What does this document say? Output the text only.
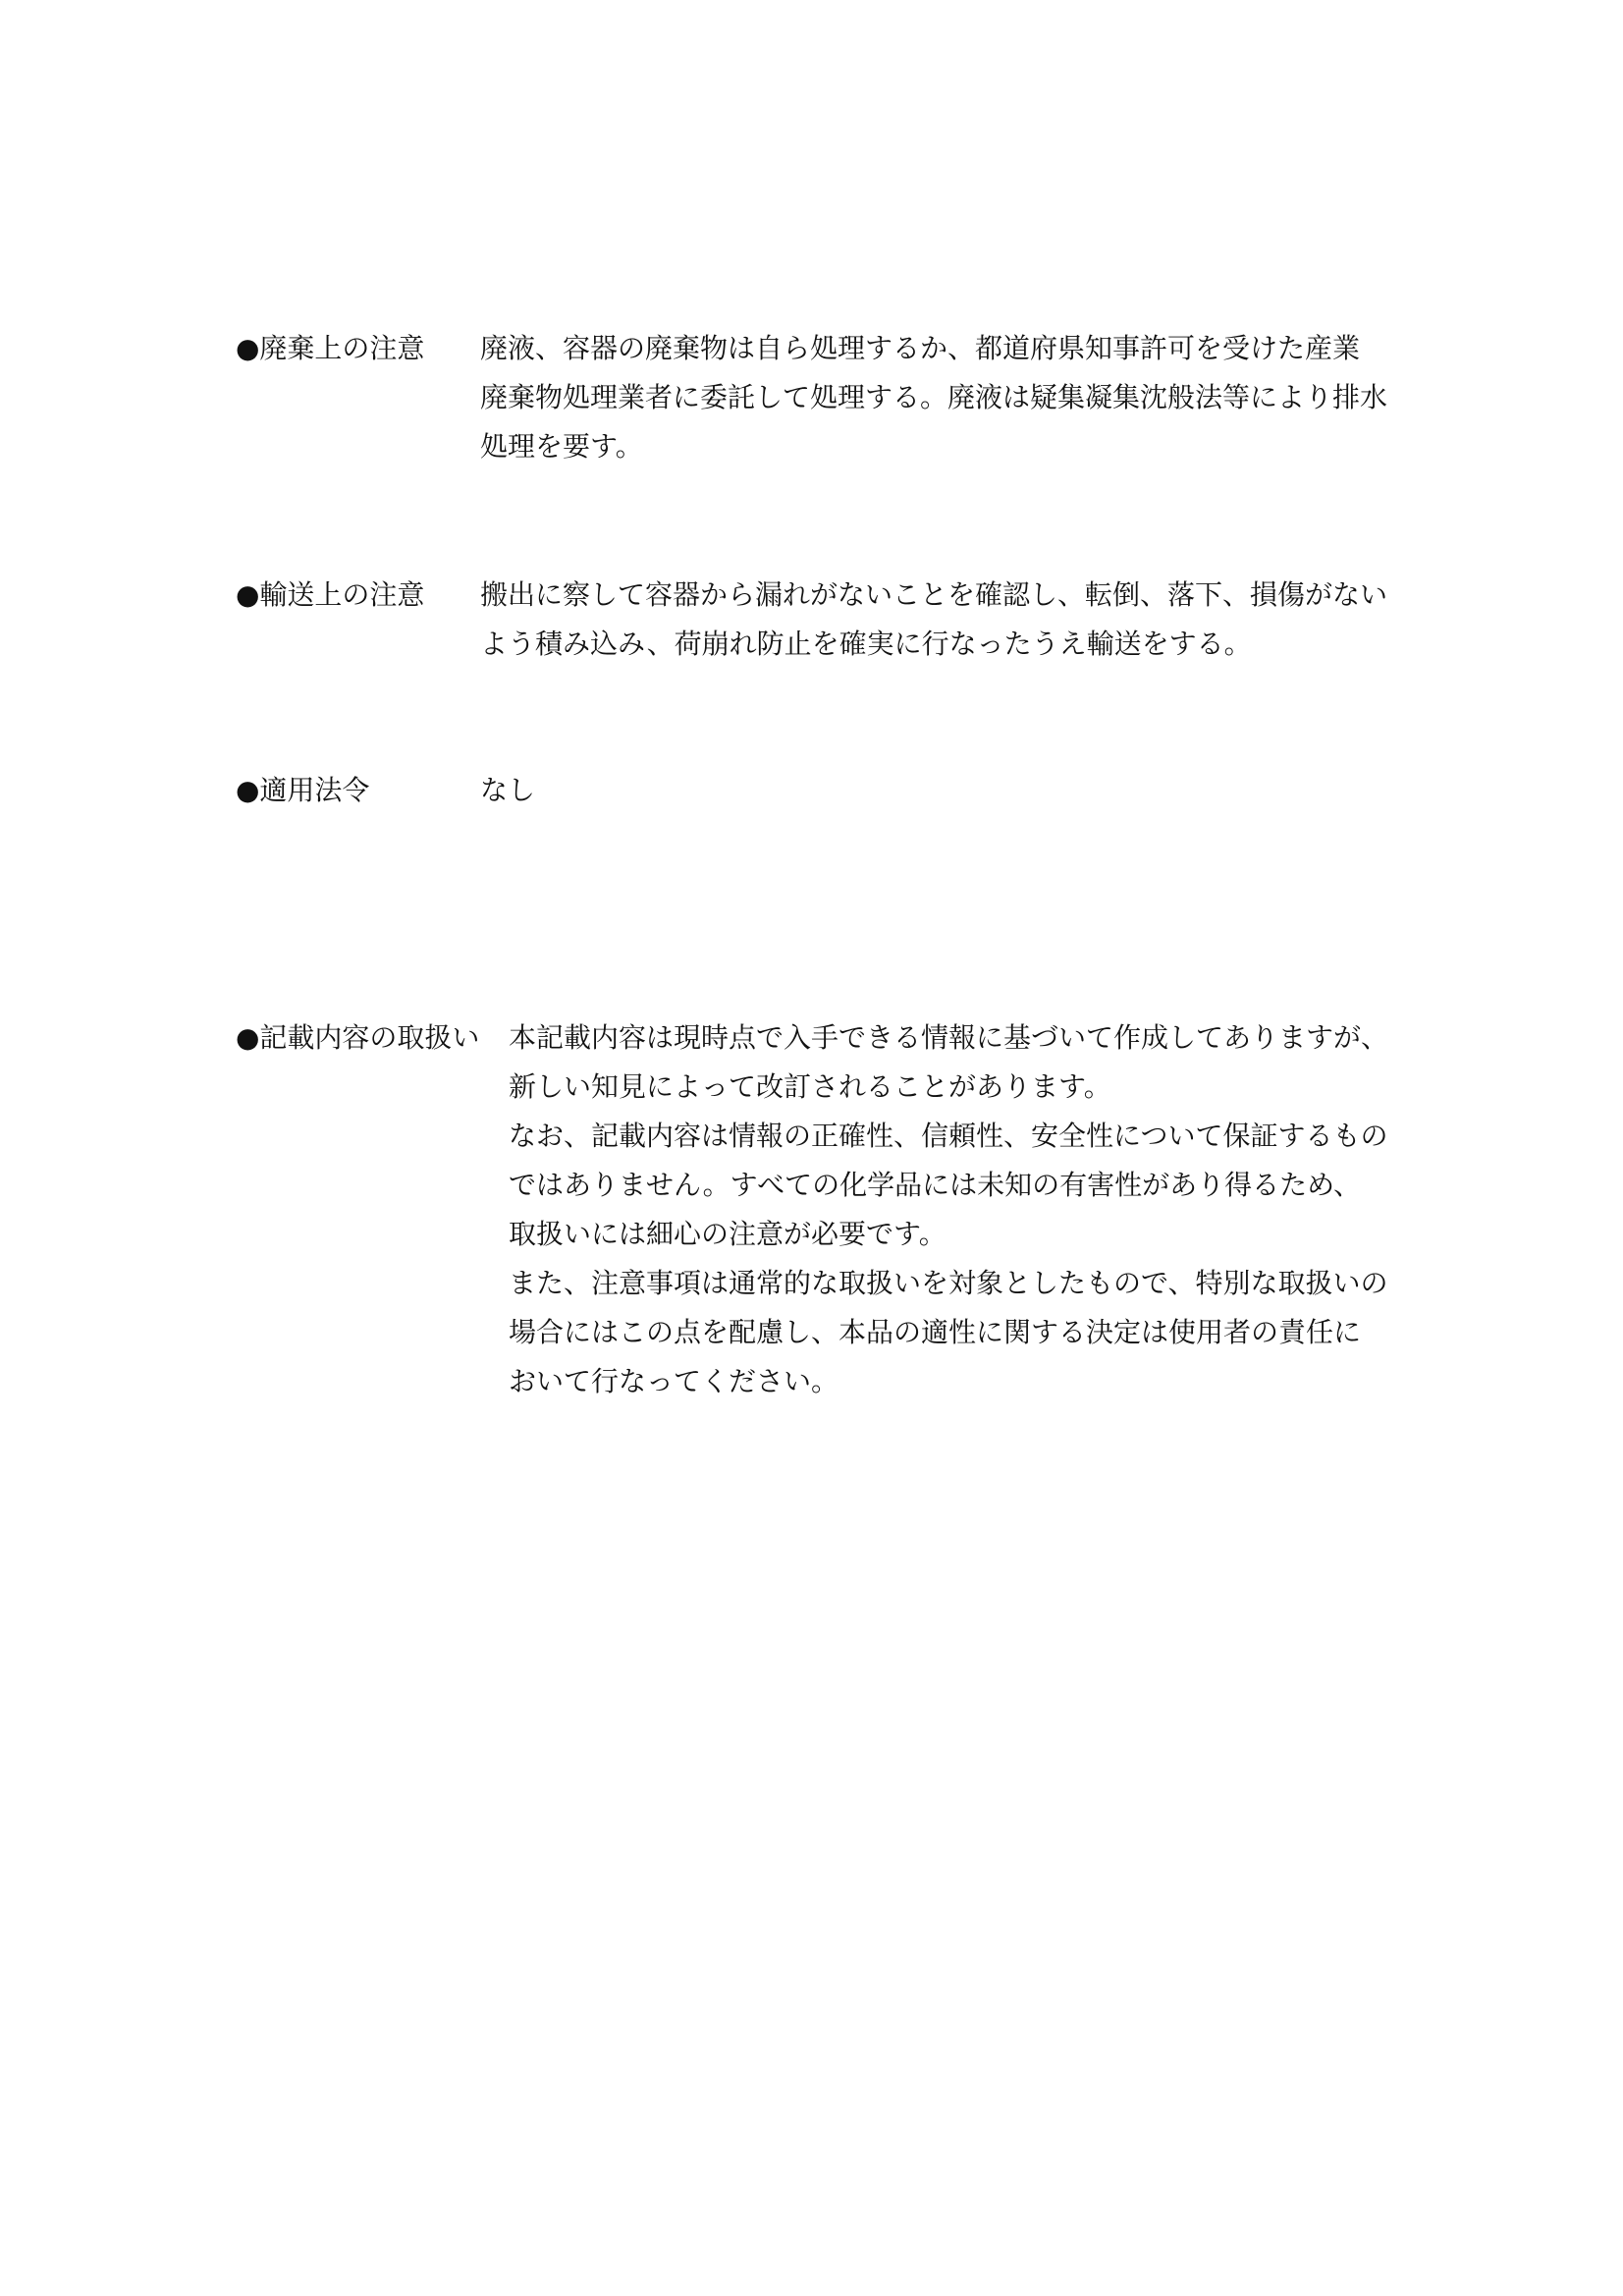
●廃棄上の注意 廃液、容器の廃棄物は自ら処理するか、都道府県知事許可を受けた産業
廃棄物処理業者に委託して処理する。廃液は疑集凝集沈般法等により排水
処理を要す。
●輸送上の注意 搬出に察して容器から漏れがないことを確認し、転倒、落下、損傷がない
よう積み込み、荷崩れ防止を確実に行なったうえ輸送をする。
●適用法令	なし
●記載内容の取扱い 本記載内容は現時点で入手できる情報に基づいて作成してありますが、
新しい知見によって改訂されることがあります。
なお、記載内容は情報の正確性、信頼性、安全性について保証するもの
ではありません。すべての化学品には未知の有害性があり得るため、
取扱いには細心の注意が必要です。
また、注意事項は通常的な取扱いを対象としたもので、特別な取扱いの
場合にはこの点を配慮し、本品の適性に関する決定は使用者の責任に
おいて行なってください。
